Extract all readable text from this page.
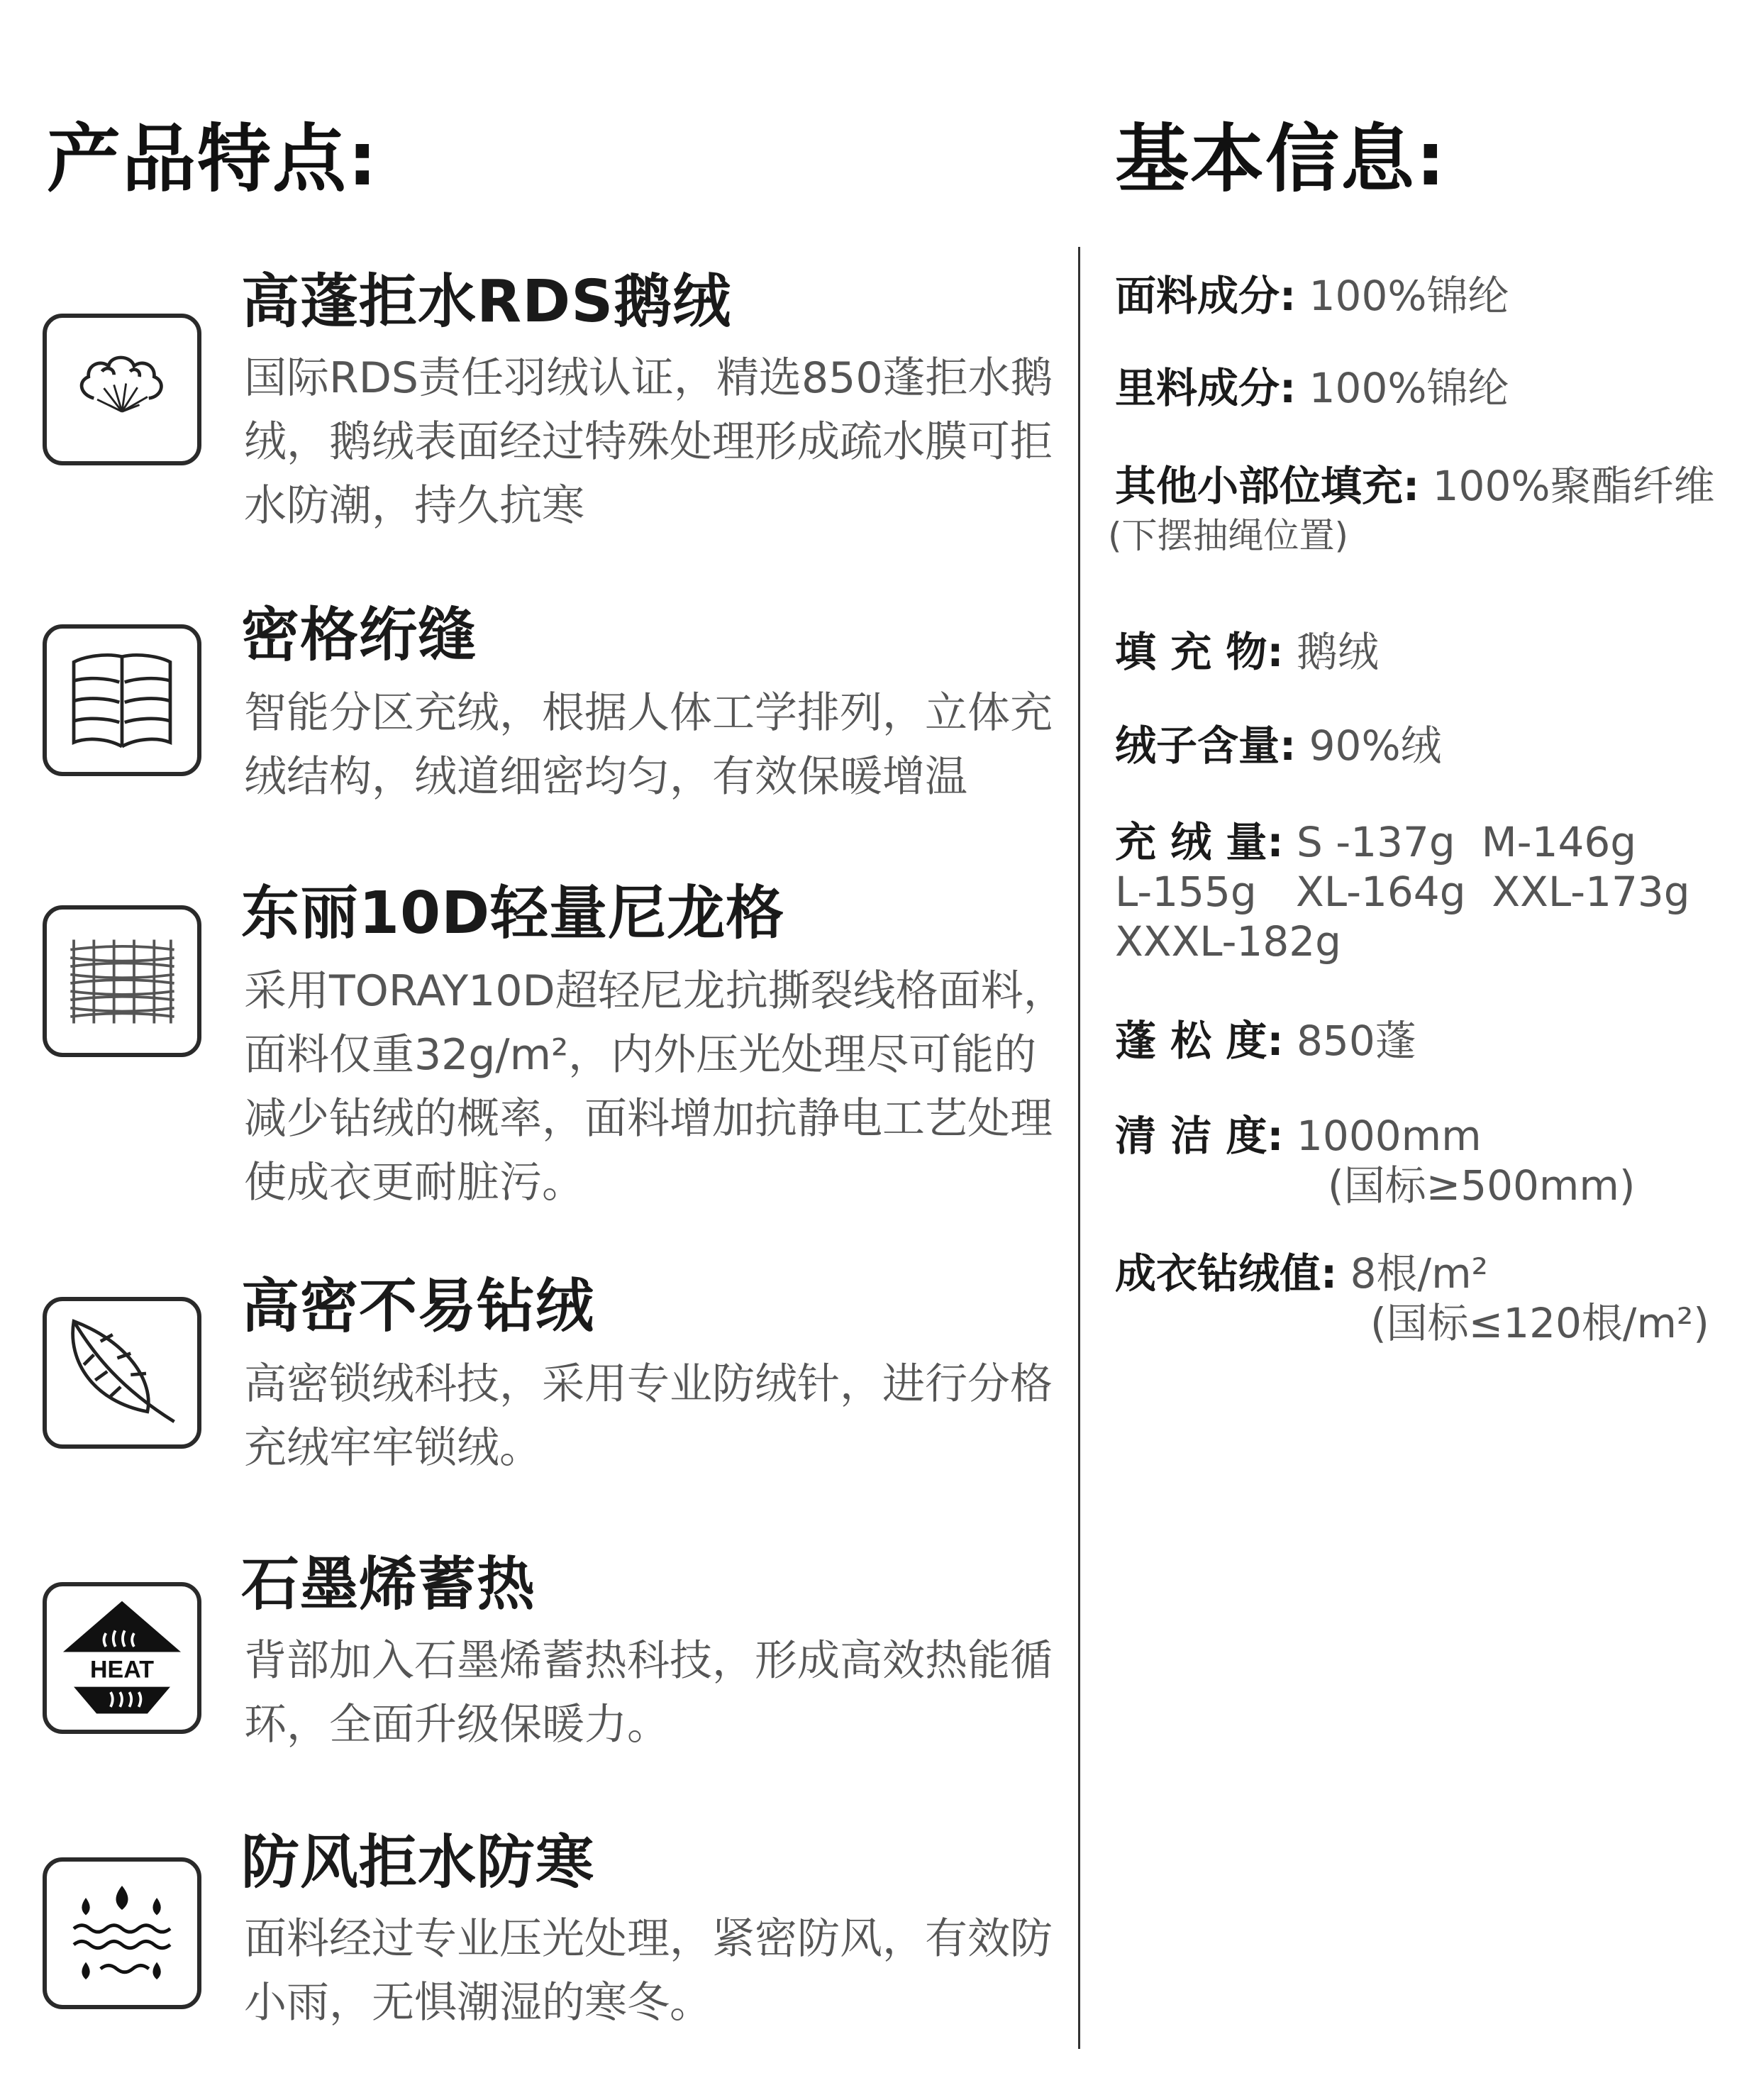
产品特点:	基本信息:
高蓬拒水RDS鹅绒
国际RDS责任羽绒认证，精选850蓬拒水鹅绒，鹅绒表面经过特殊处理形成疏水膜可拒水防潮，持久抗寒
密格绗缝
智能分区充绒，根据人体工学排列，立体充绒结构，绒道细密均匀，有效保暖增温
东丽10D轻量尼龙格
采用TORAY10D超轻尼龙抗撕裂线格面料，面料仅重32g/m²，内外压光处理尽可能的减少钻绒的概率，面料增加抗静电工艺处理使成衣更耐脏污。
高密不易钻绒
高密锁绒科技，采用专业防绒针，进行分格充绒牢牢锁绒。
HEAT
石墨烯蓄热
背部加入石墨烯蓄热科技，形成高效热能循环，全面升级保暖力。
防风拒水防寒
面料经过专业压光处理，紧密防风，有效防小雨，无惧潮湿的寒冬。
面料成分: 100%锦纶
里料成分: 100%锦纶
其他小部位填充: 100%聚酯纤维
(下摆抽绳位置)
填 充 物: 鹅绒
绒子含量: 90%绒
充 绒 量: S -137g  M-146g
L-155g   XL-164g  XXL-173g
XXXL-182g
蓬 松 度: 850蓬
清 洁 度: 1000mm
(国标≥500mm)
成衣钻绒值: 8根/m²
(国标≤120根/m²)
